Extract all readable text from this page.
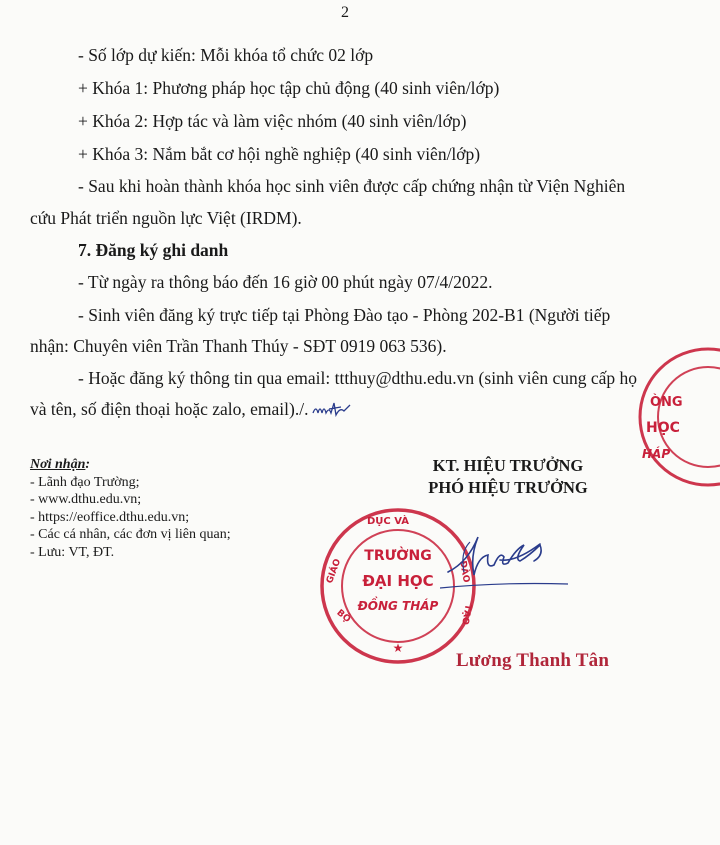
2
- Số lớp dự kiến: Mỗi khóa tổ chức 02 lớp
+ Khóa 1: Phương pháp học tập chủ động (40 sinh viên/lớp)
+ Khóa 2: Hợp tác và làm việc nhóm (40 sinh viên/lớp)
+ Khóa 3: Nắm bắt cơ hội nghề nghiệp (40 sinh viên/lớp)
- Sau khi hoàn thành khóa học sinh viên được cấp chứng nhận từ Viện Nghiên
cứu Phát triển nguồn lực Việt (IRDM).
7. Đăng ký ghi danh
- Từ ngày ra thông báo đến 16 giờ 00 phút ngày 07/4/2022.
- Sinh viên đăng ký trực tiếp tại Phòng Đào tạo - Phòng 202-B1 (Người tiếp
nhận: Chuyên viên Trần Thanh Thúy - SĐT 0919 063 536).
- Hoặc đăng ký thông tin qua email: ttthuy@dthu.edu.vn (sinh viên cung cấp họ
và tên, số điện thoại hoặc zalo, email)./.
Nơi nhận:
- Lãnh đạo Trường;
- www.dthu.edu.vn;
- https://eoffice.dthu.edu.vn;
- Các cá nhân, các đơn vị liên quan;
- Lưu: VT, ĐT.
KT. HIỆU TRƯỞNG
PHÓ HIỆU TRƯỞNG
TRƯỜNG
ĐẠI HỌC
ĐỒNG THÁP
DỤC VÀ
GIÁO	ĐÀO
TẠO
BỘ
★
ÒNG
HỌC
HÁP
Lương Thanh Tân
